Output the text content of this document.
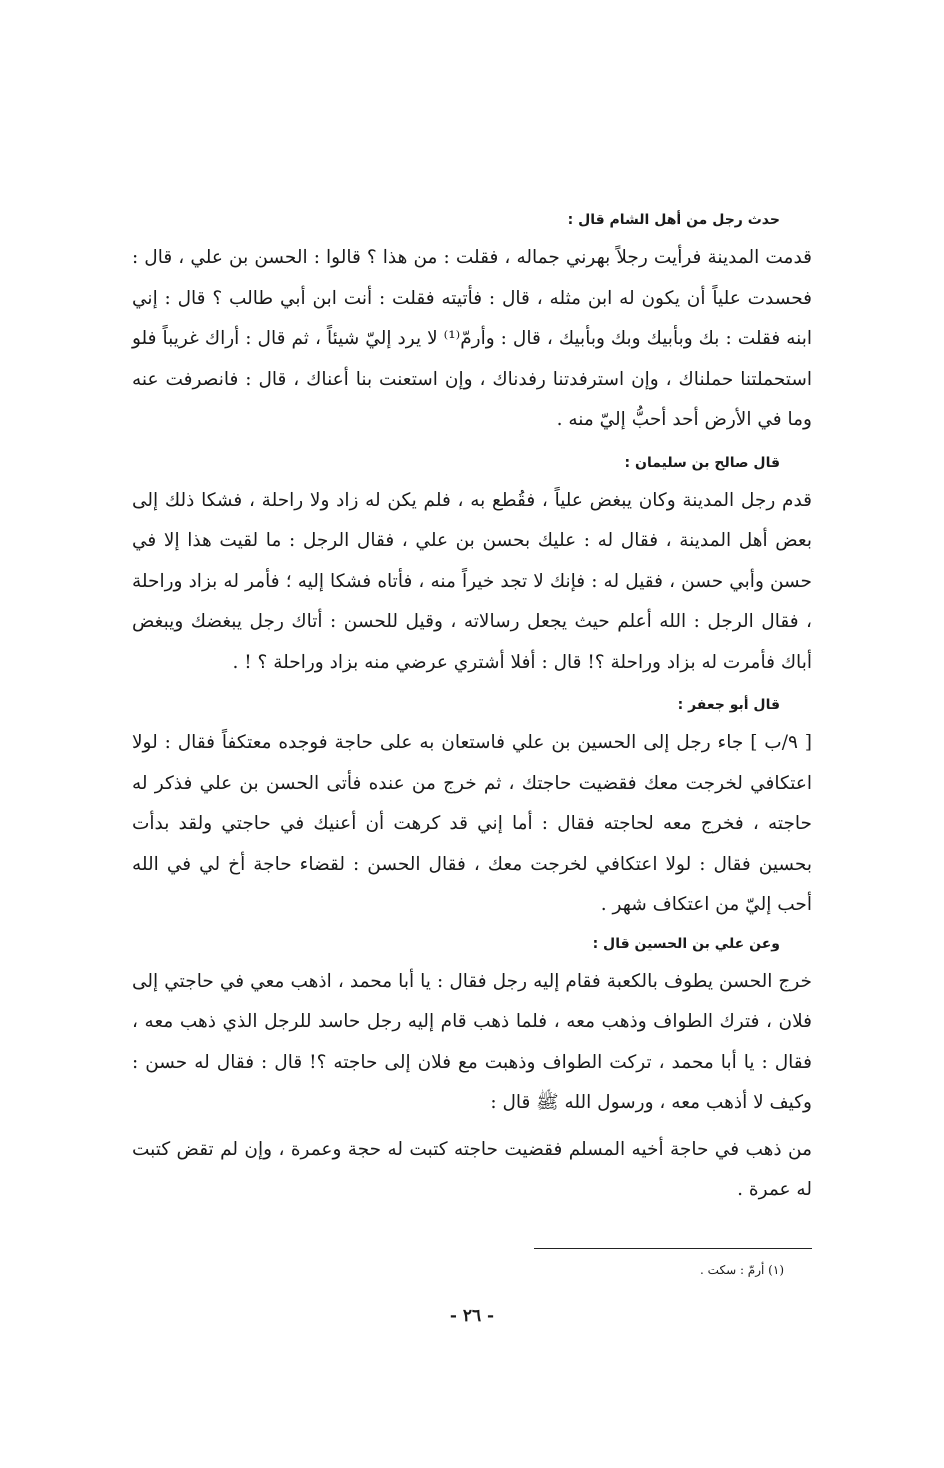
حدث رجل من أهل الشام قال :

قدمت المدينة فرأيت رجلاً بهرني جماله ، فقلت : من هذا ؟ قالوا : الحسن بن علي ، قال : فحسدت علياً أن يكون له ابن مثله ، قال : فأتيته فقلت : أنت ابن أبي طالب ؟ قال : إني ابنه فقلت : بك وبأبيك وبك وبأبيك ، قال : وأرمّ⁽¹⁾ لا يرد إليّ شيئاً ، ثم قال : أراك غريباً فلو استحملتنا حملناك ، وإن استرفدتنا رفدناك ، وإن استعنت بنا أعناك ، قال : فانصرفت عنه وما في الأرض أحد أحبُّ إليّ منه .

قال صالح بن سليمان :

قدم رجل المدينة وكان يبغض علياً ، فقُطع به ، فلم يكن له زاد ولا راحلة ، فشكا ذلك إلى بعض أهل المدينة ، فقال له : عليك بحسن بن علي ، فقال الرجل : ما لقيت هذا إلا في حسن وأبي حسن ، فقيل له : فإنك لا تجد خيراً منه ، فأتاه فشكا إليه ؛ فأمر له بزاد وراحلة ، فقال الرجل : الله أعلم حيث يجعل رسالاته ، وقيل للحسن : أتاك رجل يبغضك ويبغض أباك فأمرت له بزاد وراحلة ؟! قال : أفلا أشتري عرضي منه بزاد وراحلة ؟ ! .

قال أبو جعفر :

[ ٩/ب ] جاء رجل إلى الحسين بن علي فاستعان به على حاجة فوجده معتكفاً فقال : لولا اعتكافي لخرجت معك فقضيت حاجتك ، ثم خرج من عنده فأتى الحسن بن علي فذكر له حاجته ، فخرج معه لحاجته فقال : أما إني قد كرهت أن أعنيك في حاجتي ولقد بدأت بحسين فقال : لولا اعتكافي لخرجت معك ، فقال الحسن : لقضاء حاجة أخ لي في الله أحب إليّ من اعتكاف شهر .

وعن علي بن الحسين قال :

خرج الحسن يطوف بالكعبة فقام إليه رجل فقال : يا أبا محمد ، اذهب معي في حاجتي إلى فلان ، فترك الطواف وذهب معه ، فلما ذهب قام إليه رجل حاسد للرجل الذي ذهب معه ، فقال : يا أبا محمد ، تركت الطواف وذهبت مع فلان إلى حاجته ؟! قال : فقال له حسن : وكيف لا أذهب معه ، ورسول الله ﷺ قال :

من ذهب في حاجة أخيه المسلم فقضيت حاجته كتبت له حجة وعمرة ، وإن لم تقض كتبت له عمرة .

(١) أرمّ : سكت .
- ٢٦ -
